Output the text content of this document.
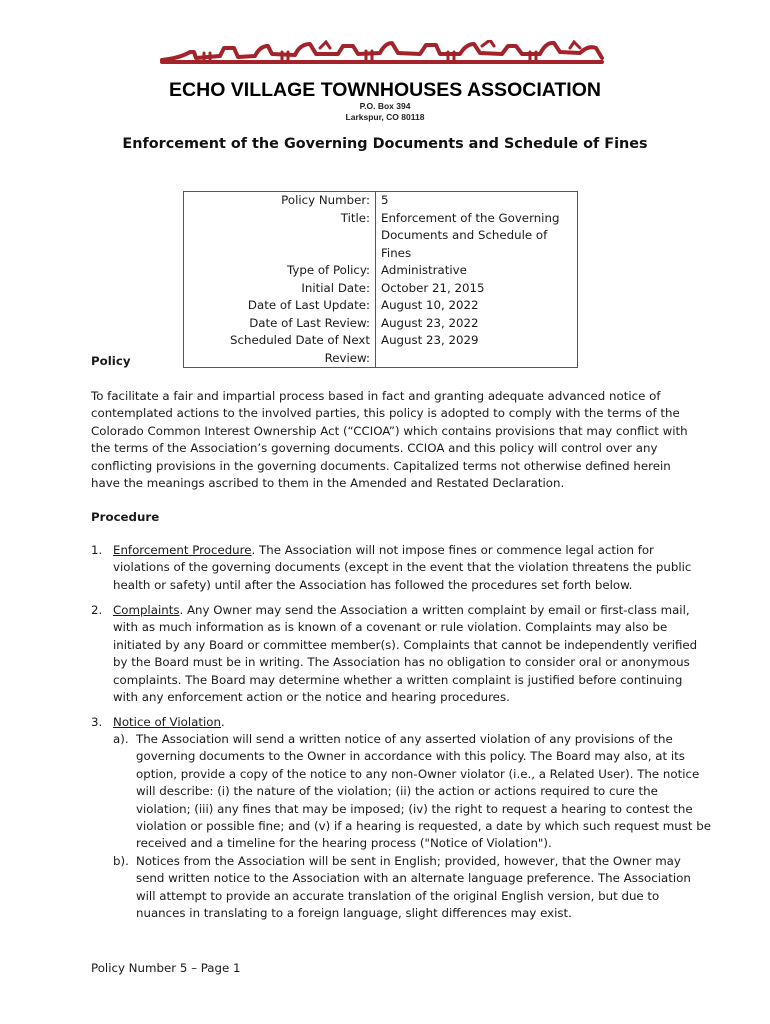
ECHO VILLAGE TOWNHOUSES ASSOCIATION
P.O. Box 394
Larkspur, CO 80118
Enforcement of the Governing Documents and Schedule of Fines
Policy Number:	5
Title:	Enforcement of the Governing
Documents and Schedule of Fines

Type of Policy:	Administrative
Initial Date:	October 21, 2015
Date of Last Update:	August 10, 2022
Date of Last Review:	August 23, 2022
Scheduled Date of Next Review:	August 23, 2029
Policy
To facilitate a fair and impartial process based in fact and granting adequate advanced notice of
contemplated actions to the involved parties, this policy is adopted to comply with the terms of the
Colorado Common Interest Ownership Act (“CCIOA”) which contains provisions that may conflict with
the terms of the Association’s governing documents. CCIOA and this policy will control over any
conflicting provisions in the governing documents. Capitalized terms not otherwise defined herein
have the meanings ascribed to them in the Amended and Restated Declaration.
Procedure
1. Enforcement Procedure. The Association will not impose fines or commence legal action for
violations of the governing documents (except in the event that the violation threatens the public
health or safety) until after the Association has followed the procedures set forth below.
2. Complaints. Any Owner may send the Association a written complaint by email or first-class mail,
with as much information as is known of a covenant or rule violation. Complaints may also be
initiated by any Board or committee member(s). Complaints that cannot be independently verified
by the Board must be in writing. The Association has no obligation to consider oral or anonymous
complaints. The Board may determine whether a written complaint is justified before continuing
with any enforcement action or the notice and hearing procedures.
3. Notice of Violation.
a). The Association will send a written notice of any asserted violation of any provisions of the
governing documents to the Owner in accordance with this policy. The Board may also, at its
option, provide a copy of the notice to any non-Owner violator (i.e., a Related User). The notice
will describe: (i) the nature of the violation; (ii) the action or actions required to cure the
violation; (iii) any fines that may be imposed; (iv) the right to request a hearing to contest the
violation or possible fine; and (v) if a hearing is requested, a date by which such request must be
received and a timeline for the hearing process ("Notice of Violation").
b). Notices from the Association will be sent in English; provided, however, that the Owner may
send written notice to the Association with an alternate language preference. The Association
will attempt to provide an accurate translation of the original English version, but due to
nuances in translating to a foreign language, slight differences may exist.
Policy Number 5 – Page 1
